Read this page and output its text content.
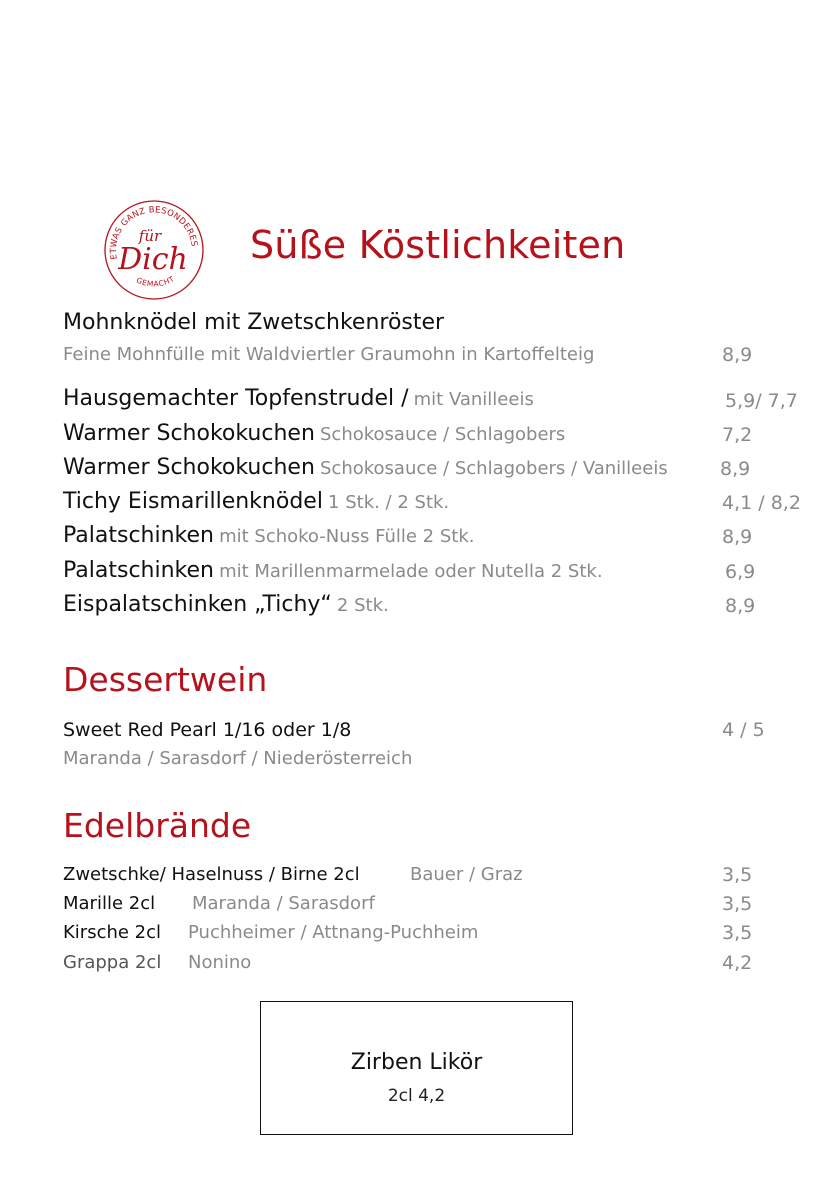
ETWAS GANZ BESONDERES
GEMACHT
für
Dich Süße Köstlichkeiten
Mohnknödel mit Zwetschkenröster
Feine Mohnfülle mit Waldviertler Graumohn in Kartoffelteig	8,9
Hausgemachter Topfenstrudel / mit Vanilleeis	5,9/ 7,7
Warmer Schokokuchen Schokosauce / Schlagobers	7,2
Warmer Schokokuchen Schokosauce / Schlagobers / Vanilleeis	8,9
Tichy Eismarillenknödel 1 Stk. / 2 Stk.	4,1 / 8,2
Palatschinken mit Schoko-Nuss Fülle 2 Stk.	8,9
Palatschinken mit Marillenmarmelade oder Nutella 2 Stk.	6,9
Eispalatschinken „Tichy“ 2 Stk.	8,9
Dessertwein
Sweet Red Pearl 1/16 oder 1/8	4 / 5
Maranda / Sarasdorf / Niederösterreich
Edelbrände
Zwetschke/ Haselnuss / Birne 2cl	Bauer / Graz	3,5
Marille 2cl Maranda / Sarasdorf	3,5
Kirsche 2cl Puchheimer / Attnang-Puchheim	3,5
Grappa 2cl Nonino	4,2
Zirben Likör
2cl 4,2
